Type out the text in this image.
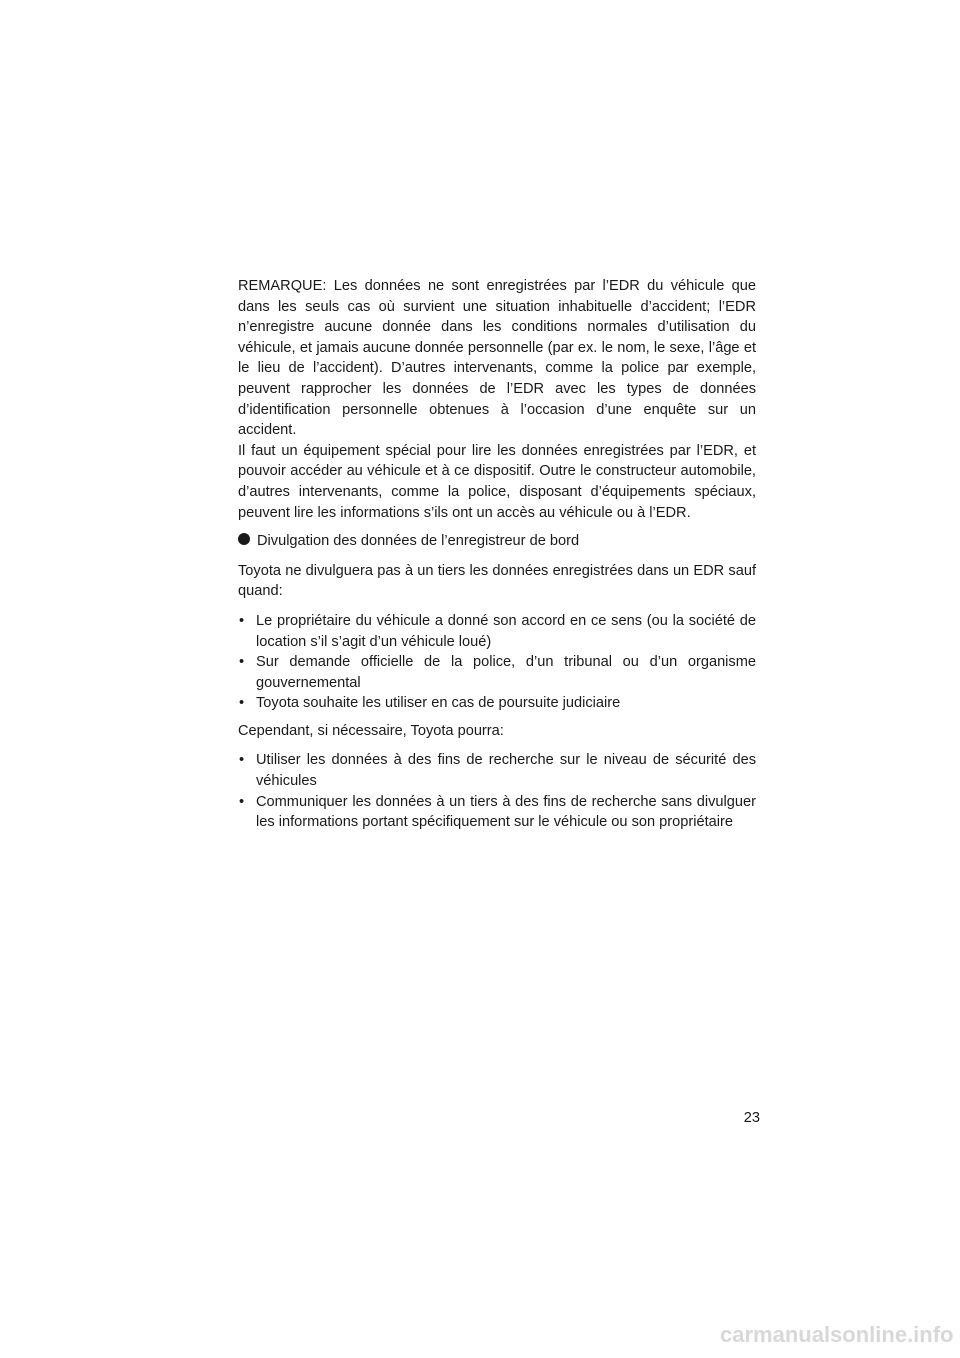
REMARQUE: Les données ne sont enregistrées par l’EDR du véhicule que dans les seuls cas où survient une situation inhabituelle d’accident; l’EDR n’enregistre aucune donnée dans les conditions normales d’utilisation du véhicule, et jamais aucune donnée personnelle (par ex. le nom, le sexe, l’âge et le lieu de l’accident). D’autres intervenants, comme la police par exemple, peuvent rapprocher les données de l’EDR avec les types de données d’identification personnelle obtenues à l’occasion d’une enquête sur un accident.

Il faut un équipement spécial pour lire les données enregistrées par l’EDR, et pouvoir accéder au véhicule et à ce dispositif. Outre le constructeur automobile, d’autres intervenants, comme la police, disposant d’équipements spéciaux, peuvent lire les informations s’ils ont un accès au véhicule ou à l’EDR.

Divulgation des données de l’enregistreur de bord

Toyota ne divulguera pas à un tiers les données enregistrées dans un EDR sauf quand:

• Le propriétaire du véhicule a donné son accord en ce sens (ou la société de location s’il s’agit d’un véhicule loué)
• Sur demande officielle de la police, d’un tribunal ou d’un organisme gouvernemental
• Toyota souhaite les utiliser en cas de poursuite judiciaire

Cependant, si nécessaire, Toyota pourra:

• Utiliser les données à des fins de recherche sur le niveau de sécurité des véhicules
• Communiquer les données à un tiers à des fins de recherche sans divulguer les informations portant spécifiquement sur le véhicule ou son propriétaire
23
carmanualsonline.info
